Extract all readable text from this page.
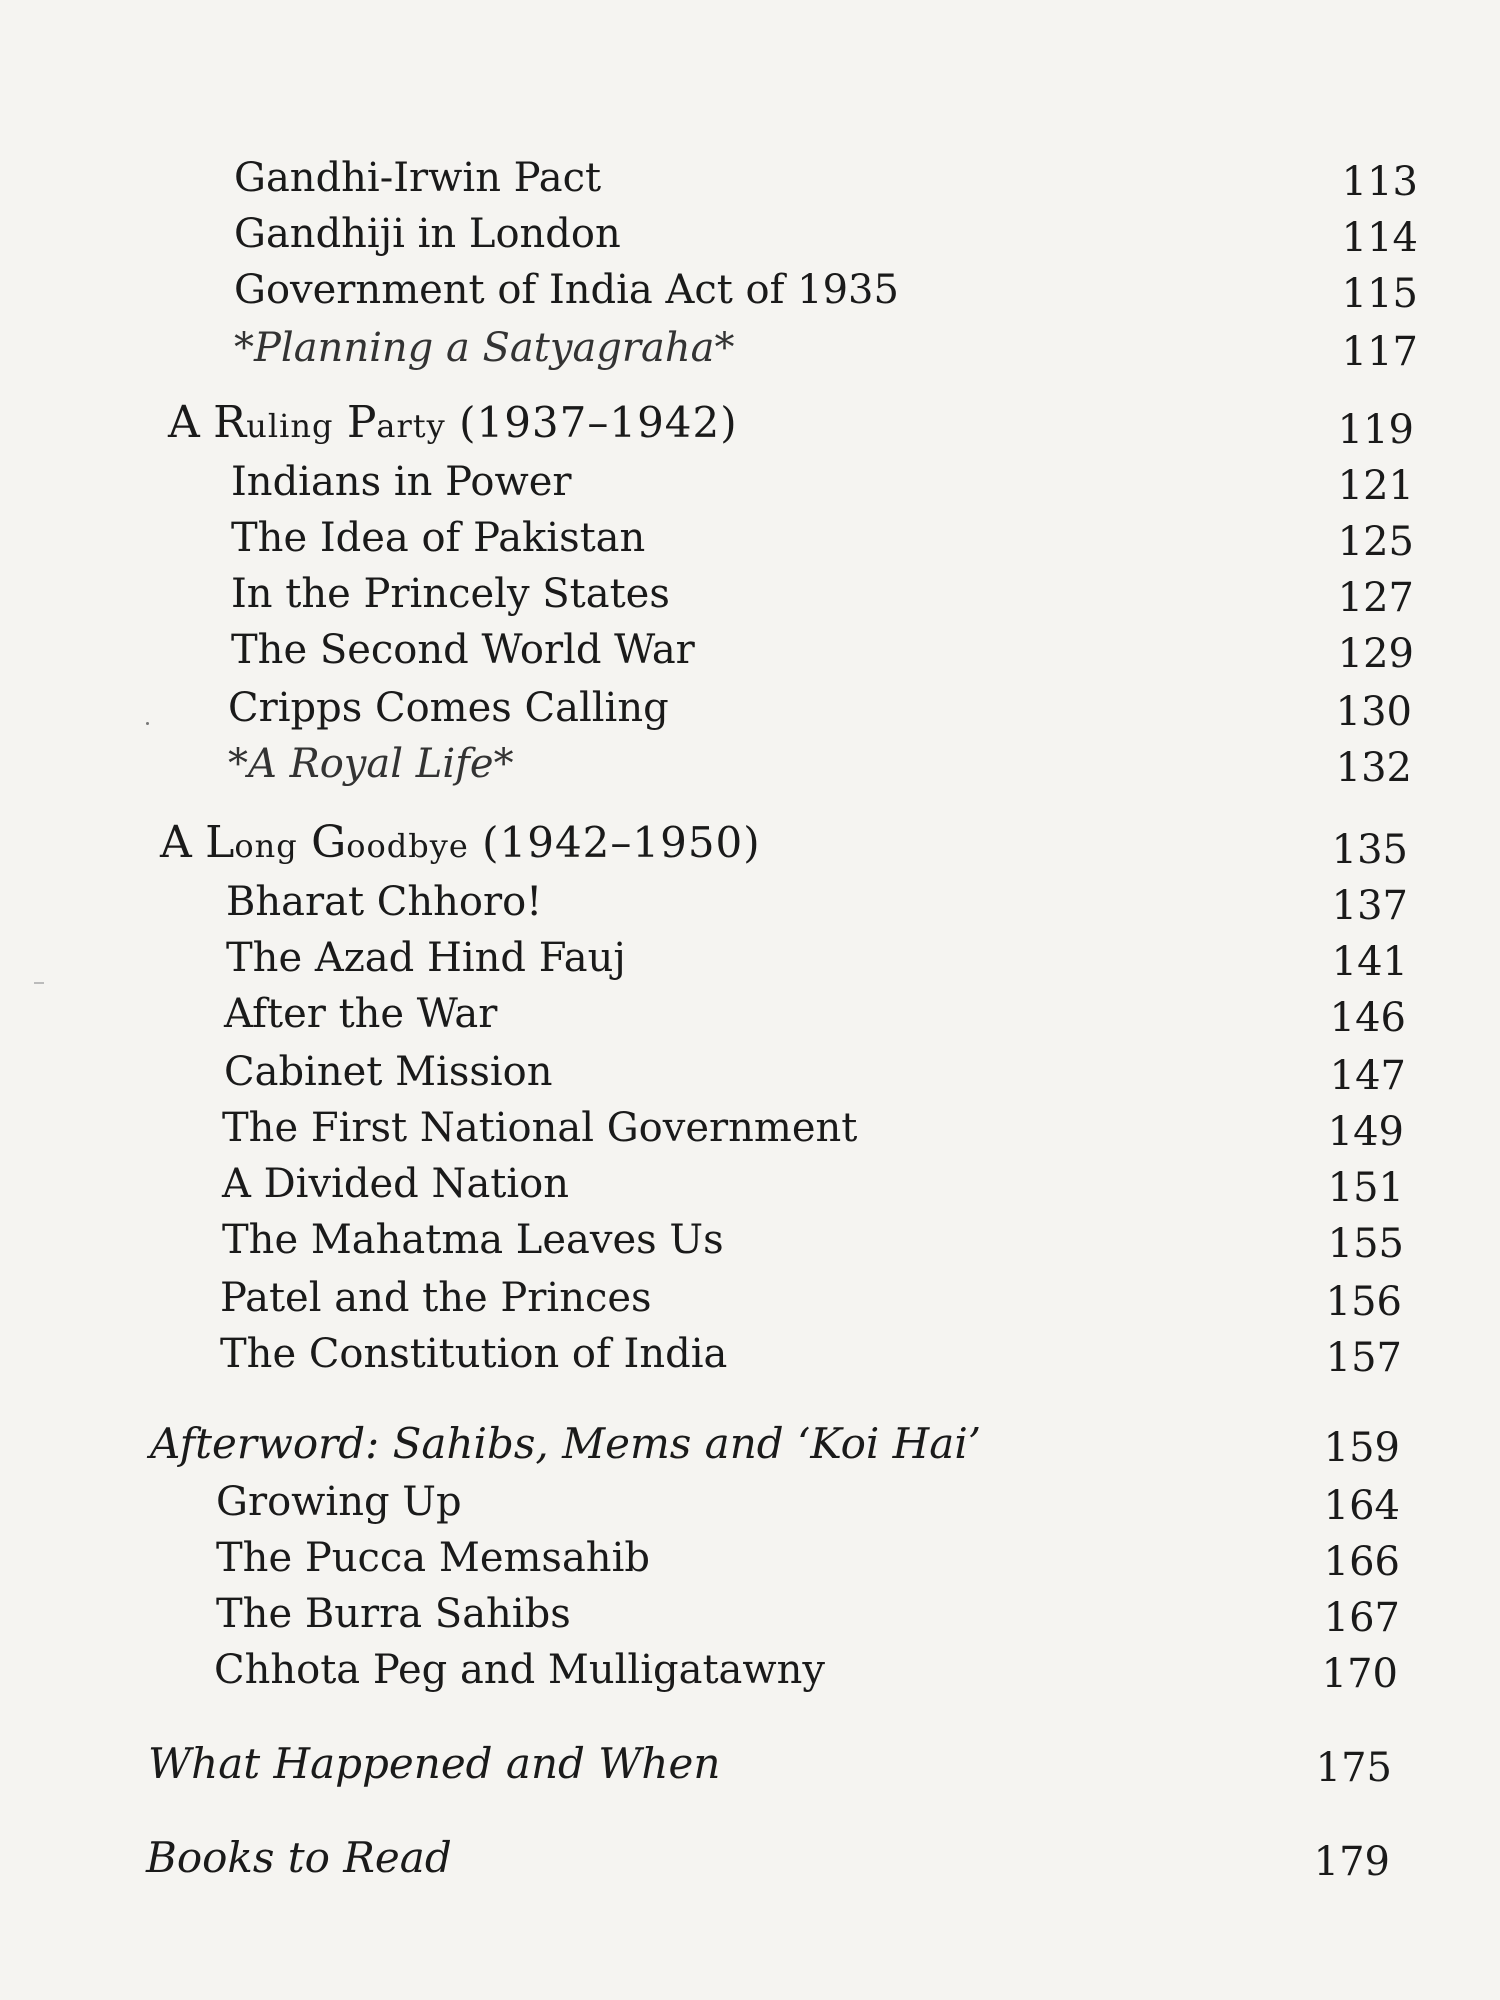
Gandhi-Irwin Pact	113
Gandhiji in London	114
Government of India Act of 1935	115
*Planning a Satyagraha*	117
A Ruling Party (1937–1942)	119
Indians in Power	121
The Idea of Pakistan	125
In the Princely States	127
The Second World War	129
Cripps Comes Calling	130
*A Royal Life*	132
A Long Goodbye (1942–1950)	135
Bharat Chhoro!	137
The Azad Hind Fauj	141
After the War	146
Cabinet Mission	147
The First National Government	149
A Divided Nation	151
The Mahatma Leaves Us	155
Patel and the Princes	156
The Constitution of India	157
Afterword: Sahibs, Mems and ‘Koi Hai’	159
Growing Up	164
The Pucca Memsahib	166
The Burra Sahibs	167
Chhota Peg and Mulligatawny	170
What Happened and When	175
Books to Read	179
